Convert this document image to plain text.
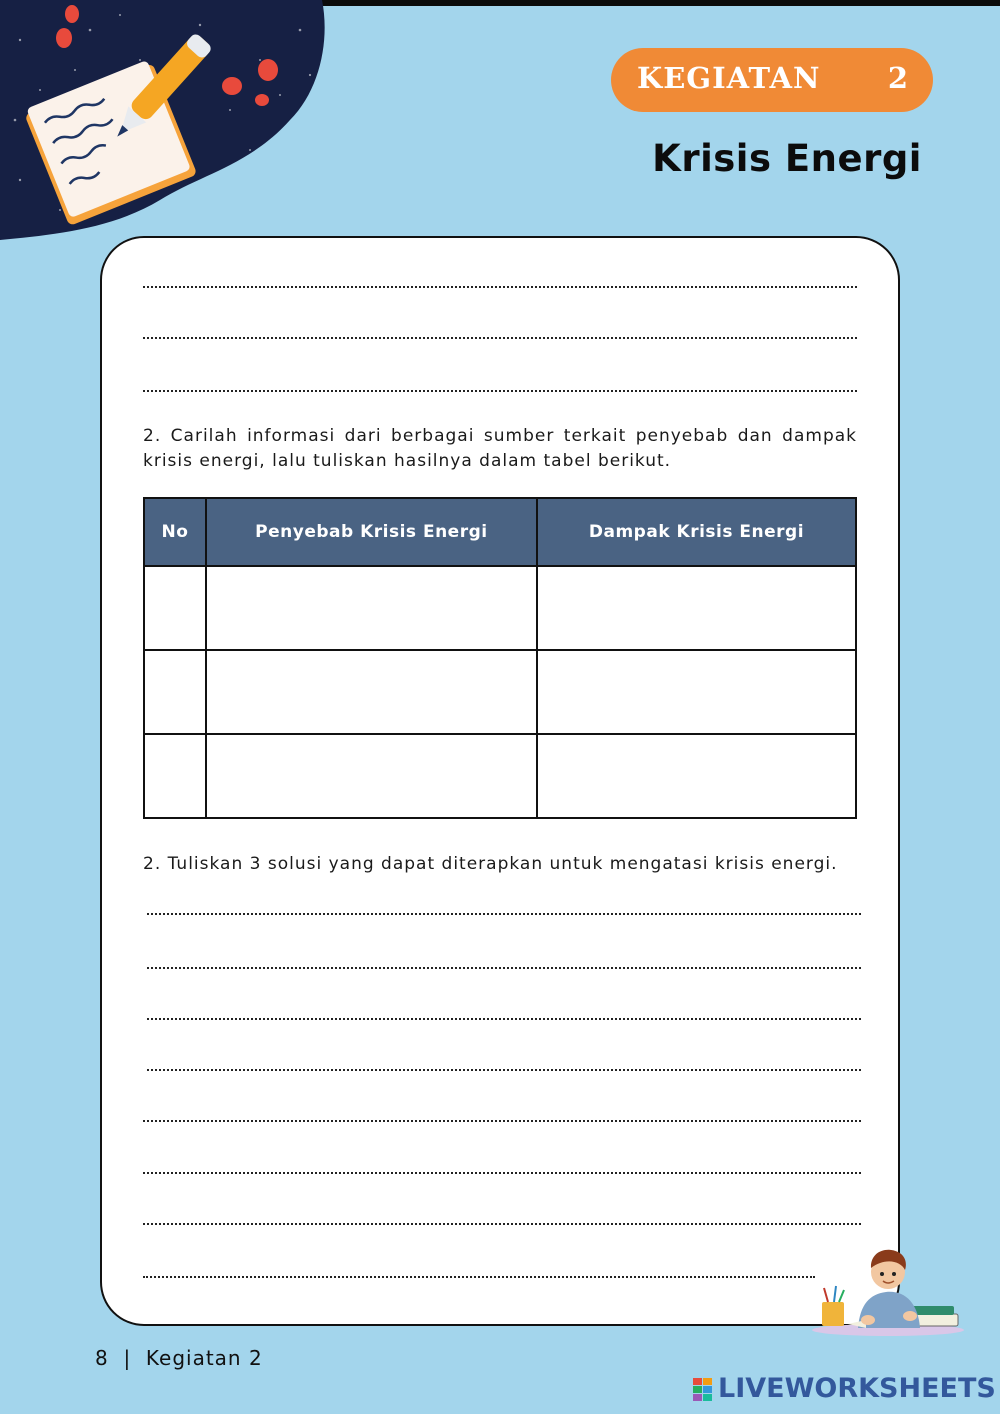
KEGIATAN 2
Krisis Energi
2. Carilah informasi dari berbagai sumber terkait penyebab dan dampak krisis energi, lalu tuliskan hasilnya dalam tabel berikut.
No	Penyebab Krisis Energi	Dampak Krisis Energi

2. Tuliskan 3 solusi yang dapat diterapkan untuk mengatasi krisis energi.
8  |  Kegiatan 2
LIVEWORKSHEETS
